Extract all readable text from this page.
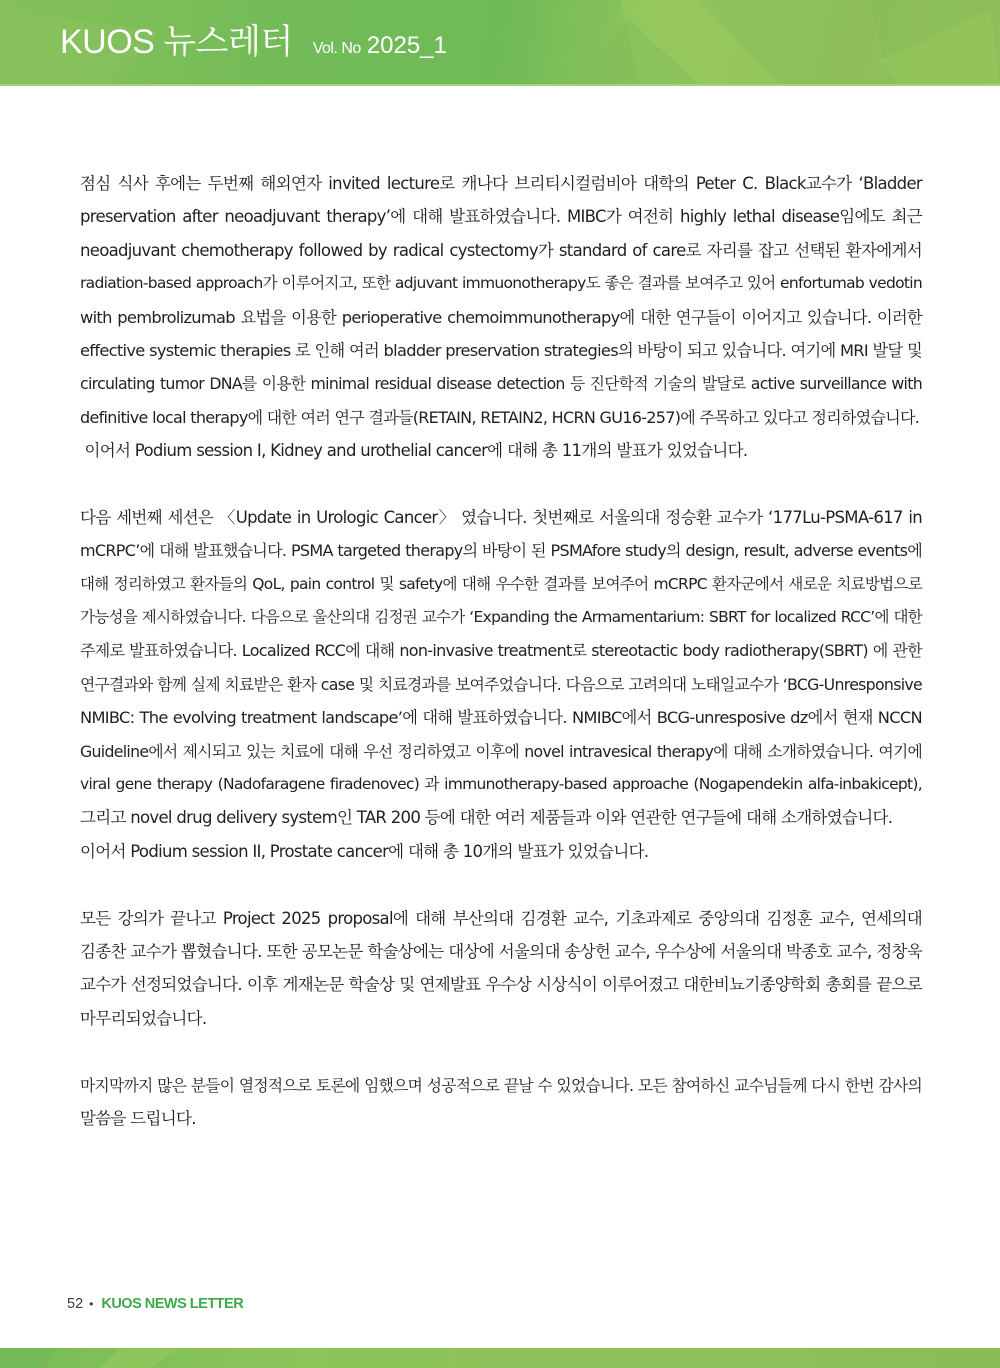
KUOS 뉴스레터 Vol. No 2025_1
점심 식사 후에는 두번째 해외연자 invited lecture로 캐나다 브리티시컬럼비아 대학의 Peter C. Black교수가 ‘Bladder
preservation after neoadjuvant therapy’에 대해 발표하였습니다. MIBC가 여전히 highly lethal disease임에도 최근
neoadjuvant chemotherapy followed by radical cystectomy가 standard of care로 자리를 잡고 선택된 환자에게서
radiation-based approach가 이루어지고, 또한 adjuvant immuonotherapy도 좋은 결과를 보여주고 있어 enfortumab vedotin
with pembrolizumab 요법을 이용한 perioperative chemoimmunotherapy에 대한 연구들이 이어지고 있습니다. 이러한
effective systemic therapies 로 인해 여러 bladder preservation strategies의 바탕이 되고 있습니다. 여기에 MRI 발달 및
circulating tumor DNA를 이용한 minimal residual disease detection 등 진단학적 기술의 발달로 active surveillance with
definitive local therapy에 대한 여러 연구 결과들(RETAIN, RETAIN2, HCRN GU16-257)에 주목하고 있다고 정리하였습니다.
이어서 Podium session I, Kidney and urothelial cancer에 대해 총 11개의 발표가 있었습니다.
다음 세번째 세션은 〈Update in Urologic Cancer〉 였습니다. 첫번째로 서울의대 정승환 교수가 ‘177Lu-PSMA-617 in
mCRPC’에 대해 발표했습니다. PSMA targeted therapy의 바탕이 된 PSMAfore study의 design, result, adverse events에
대해 정리하였고 환자들의 QoL, pain control 및 safety에 대해 우수한 결과를 보여주어 mCRPC 환자군에서 새로운 치료방법으로
가능성을 제시하였습니다. 다음으로 울산의대 김정권 교수가 ‘Expanding the Armamentarium: SBRT for localized RCC’에 대한
주제로 발표하였습니다. Localized RCC에 대해 non-invasive treatment로 stereotactic body radiotherapy(SBRT) 에 관한
연구결과와 함께 실제 치료받은 환자 case 및 치료경과를 보여주었습니다. 다음으로 고려의대 노태일교수가 ‘BCG-Unresponsive
NMIBC: The evolving treatment landscape’에 대해 발표하였습니다. NMIBC에서 BCG-unresposive dz에서 현재 NCCN
Guideline에서 제시되고 있는 치료에 대해 우선 정리하였고 이후에 novel intravesical therapy에 대해 소개하였습니다. 여기에
viral gene therapy (Nadofaragene firadenovec) 과 immunotherapy-based approache (Nogapendekin alfa-inbakicept),
그리고 novel drug delivery system인 TAR 200 등에 대한 여러 제품들과 이와 연관한 연구들에 대해 소개하였습니다.
이어서 Podium session II, Prostate cancer에 대해 총 10개의 발표가 있었습니다.
모든 강의가 끝나고 Project 2025 proposal에 대해 부산의대 김경환 교수, 기초과제로 중앙의대 김정훈 교수, 연세의대
김종찬 교수가 뽑혔습니다. 또한 공모논문 학술상에는 대상에 서울의대 송상헌 교수, 우수상에 서울의대 박종호 교수, 정창욱
교수가 선정되었습니다. 이후 게재논문 학술상 및 연제발표 우수상 시상식이 이루어졌고 대한비뇨기종양학회 총회를 끝으로
마무리되었습니다.
마지막까지 많은 분들이 열정적으로 토론에 임했으며 성공적으로 끝날 수 있었습니다. 모든 참여하신 교수님들께 다시 한번 감사의
말씀을 드립니다.
52 • KUOS NEWS LETTER
